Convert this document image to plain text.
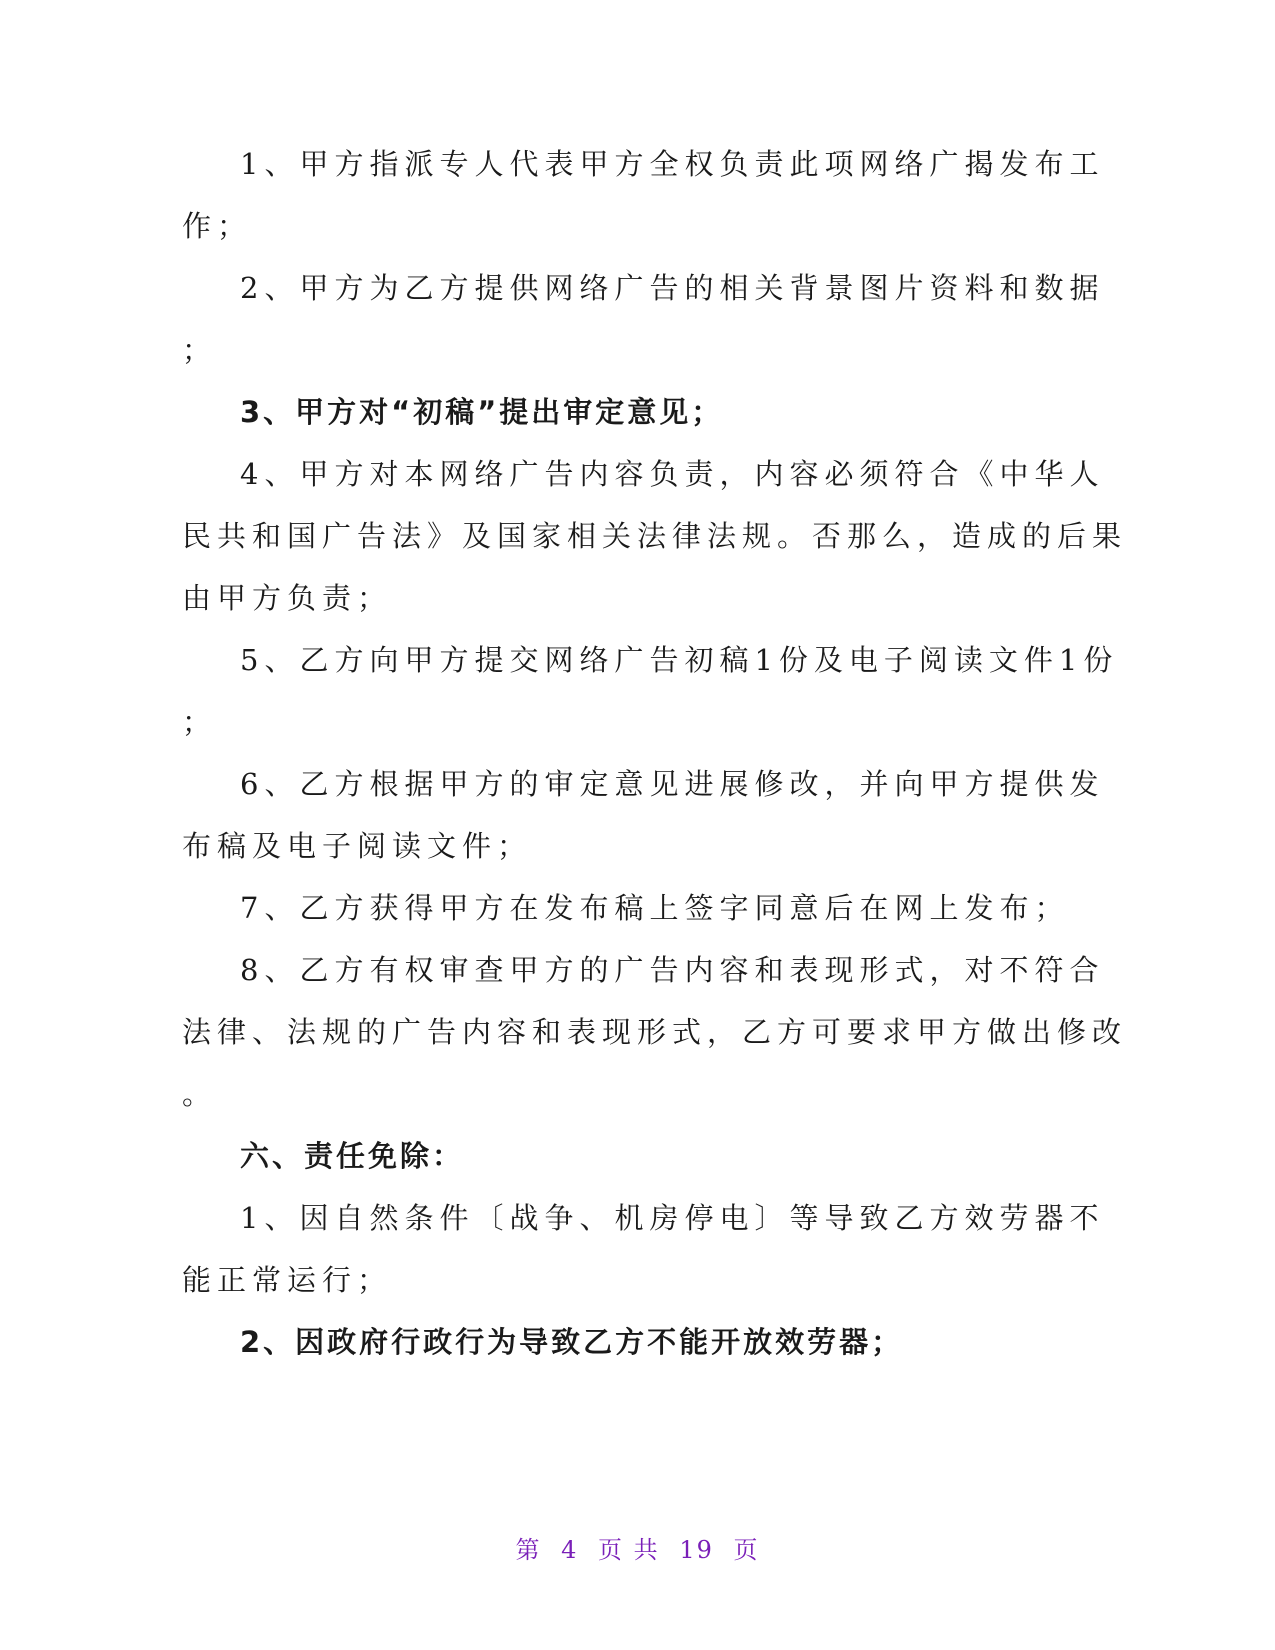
1、甲方指派专人代表甲方全权负责此项网络广揭发布工
作；
2、甲方为乙方提供网络广告的相关背景图片资料和数据
；
3、甲方对“初稿”提出审定意见；
4、甲方对本网络广告内容负责，内容必须符合《中华人
民共和国广告法》及国家相关法律法规。否那么，造成的后果
由甲方负责；
5、乙方向甲方提交网络广告初稿1份及电子阅读文件1份
；
6、乙方根据甲方的审定意见进展修改，并向甲方提供发
布稿及电子阅读文件；
7、乙方获得甲方在发布稿上签字同意后在网上发布；
8、乙方有权审查甲方的广告内容和表现形式，对不符合
法律、法规的广告内容和表现形式，乙方可要求甲方做出修改
。
六、责任免除：
1、因自然条件〔战争、机房停电〕等导致乙方效劳器不
能正常运行；
2、因政府行政行为导致乙方不能开放效劳器；
第 4 页 共 19 页
